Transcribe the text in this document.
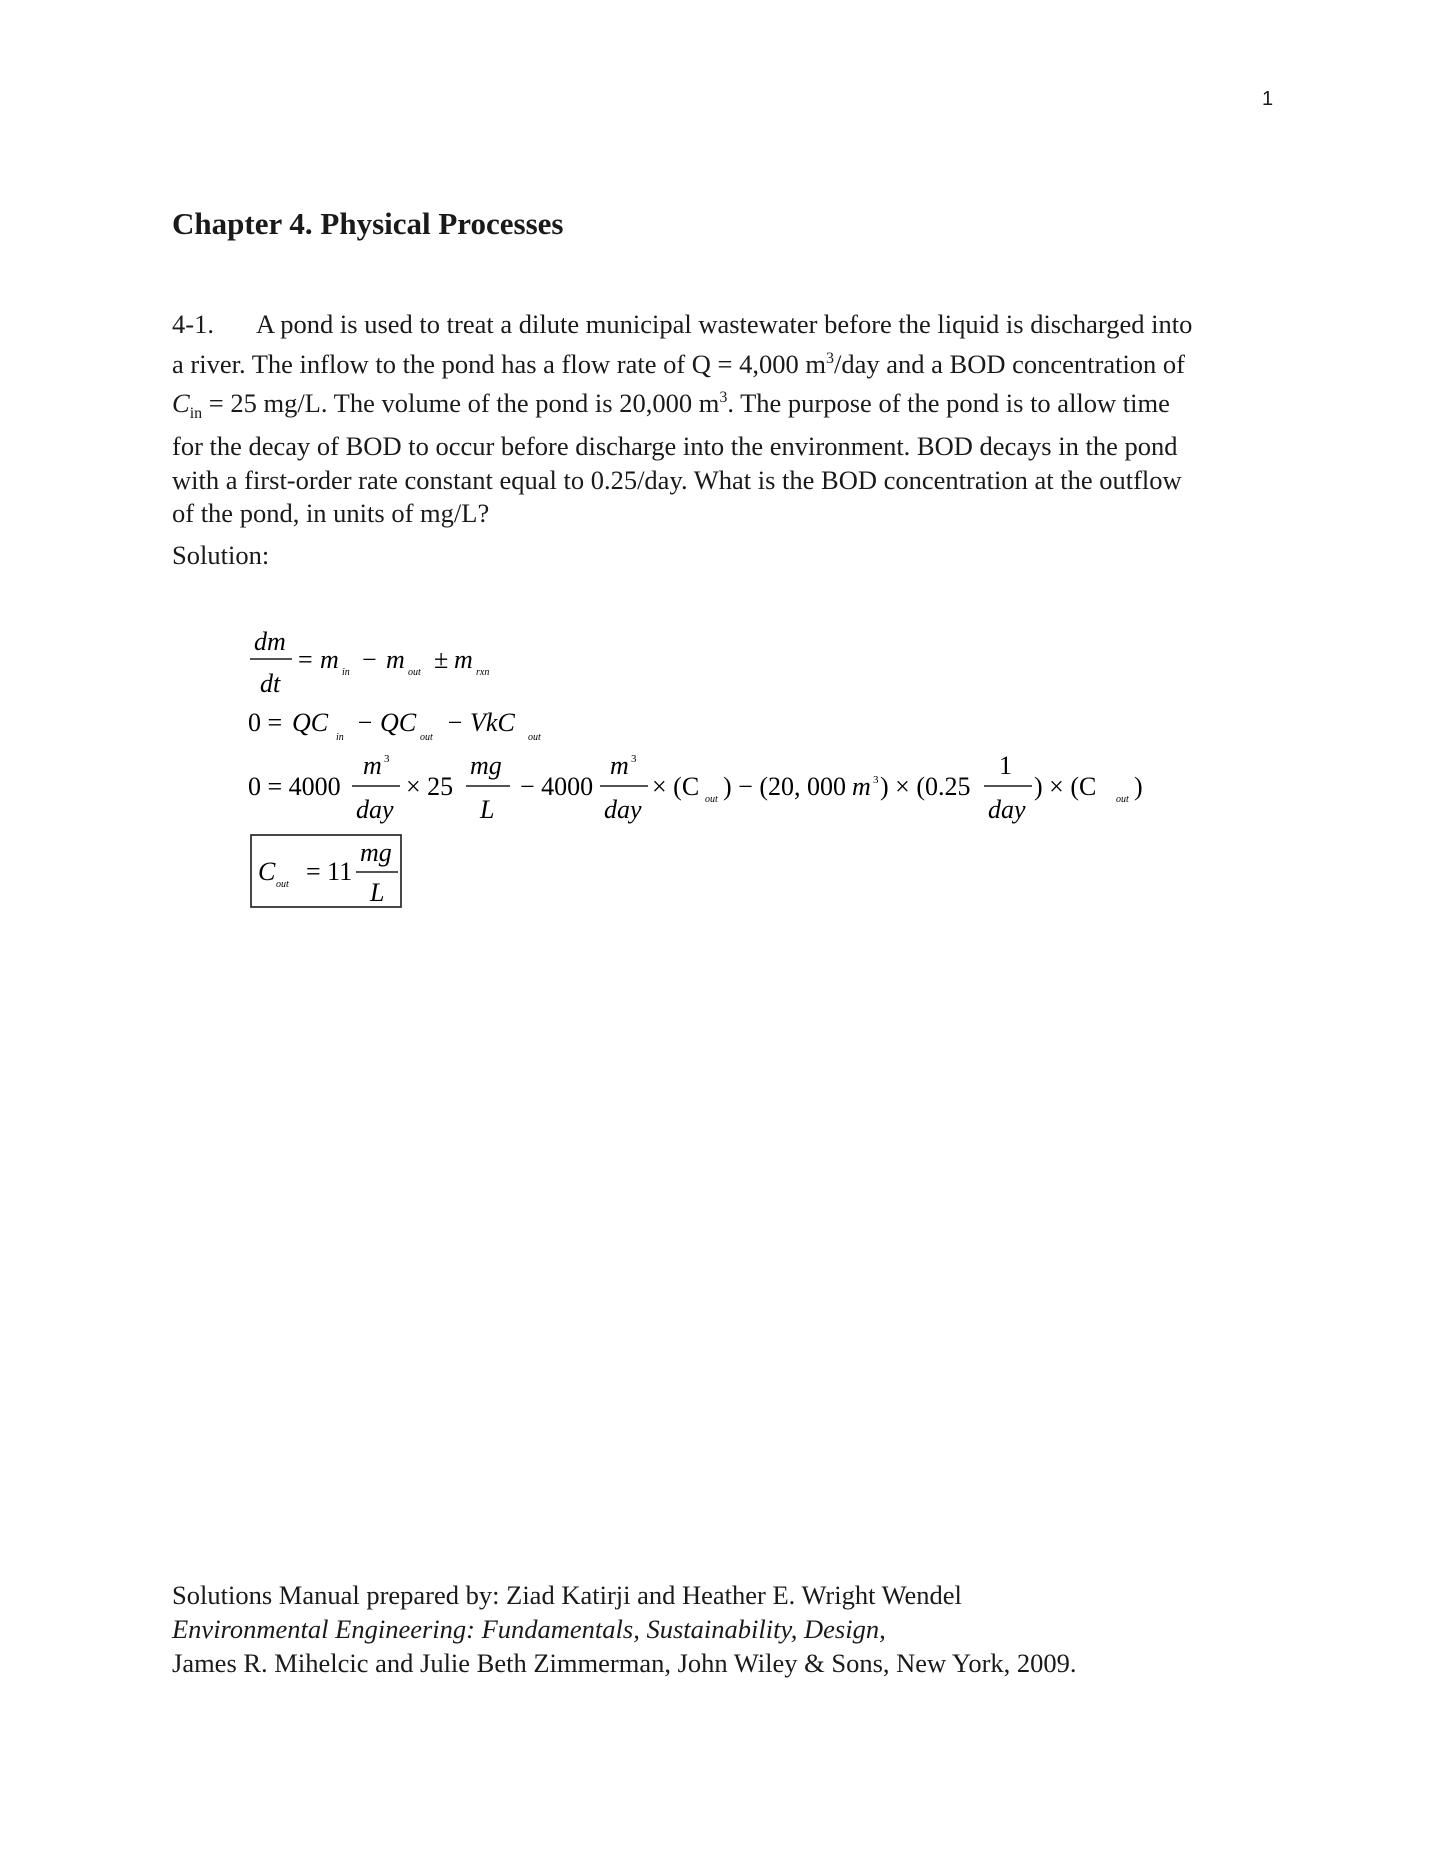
1
Chapter 4. Physical Processes
4-1. A pond is used to treat a dilute municipal wastewater before the liquid is discharged into
a river. The inflow to the pond has a flow rate of Q = 4,000 $m^3$/day and a BOD concentration of
$C_{in} = 25$ mg/L. The volume of the pond is 20,000 $m^3$. The purpose of the pond is to allow time
for the decay of BOD to occur before discharge into the environment. BOD decays in the pond
with a first-order rate constant equal to 0.25/day. What is the BOD concentration at the outflow
of the pond, in units of mg/L?
Solution:
dm
dt
= m in − m out ± m rxn
0 = QC
in
− QC
out
− VkC
out
0 = 4000
m 3
day
× 25
mg
L
− 4000
m 3
day
× (C out ) − (20, 000 m 3 ) × (0.25
1
day
) × (C out )
C out = 11
mg
L
Solutions Manual prepared by: Ziad Katirji and Heather E. Wright Wendel
Environmental Engineering: Fundamentals, Sustainability, Design,
James R. Mihelcic and Julie Beth Zimmerman, John Wiley & Sons, New York, 2009.
